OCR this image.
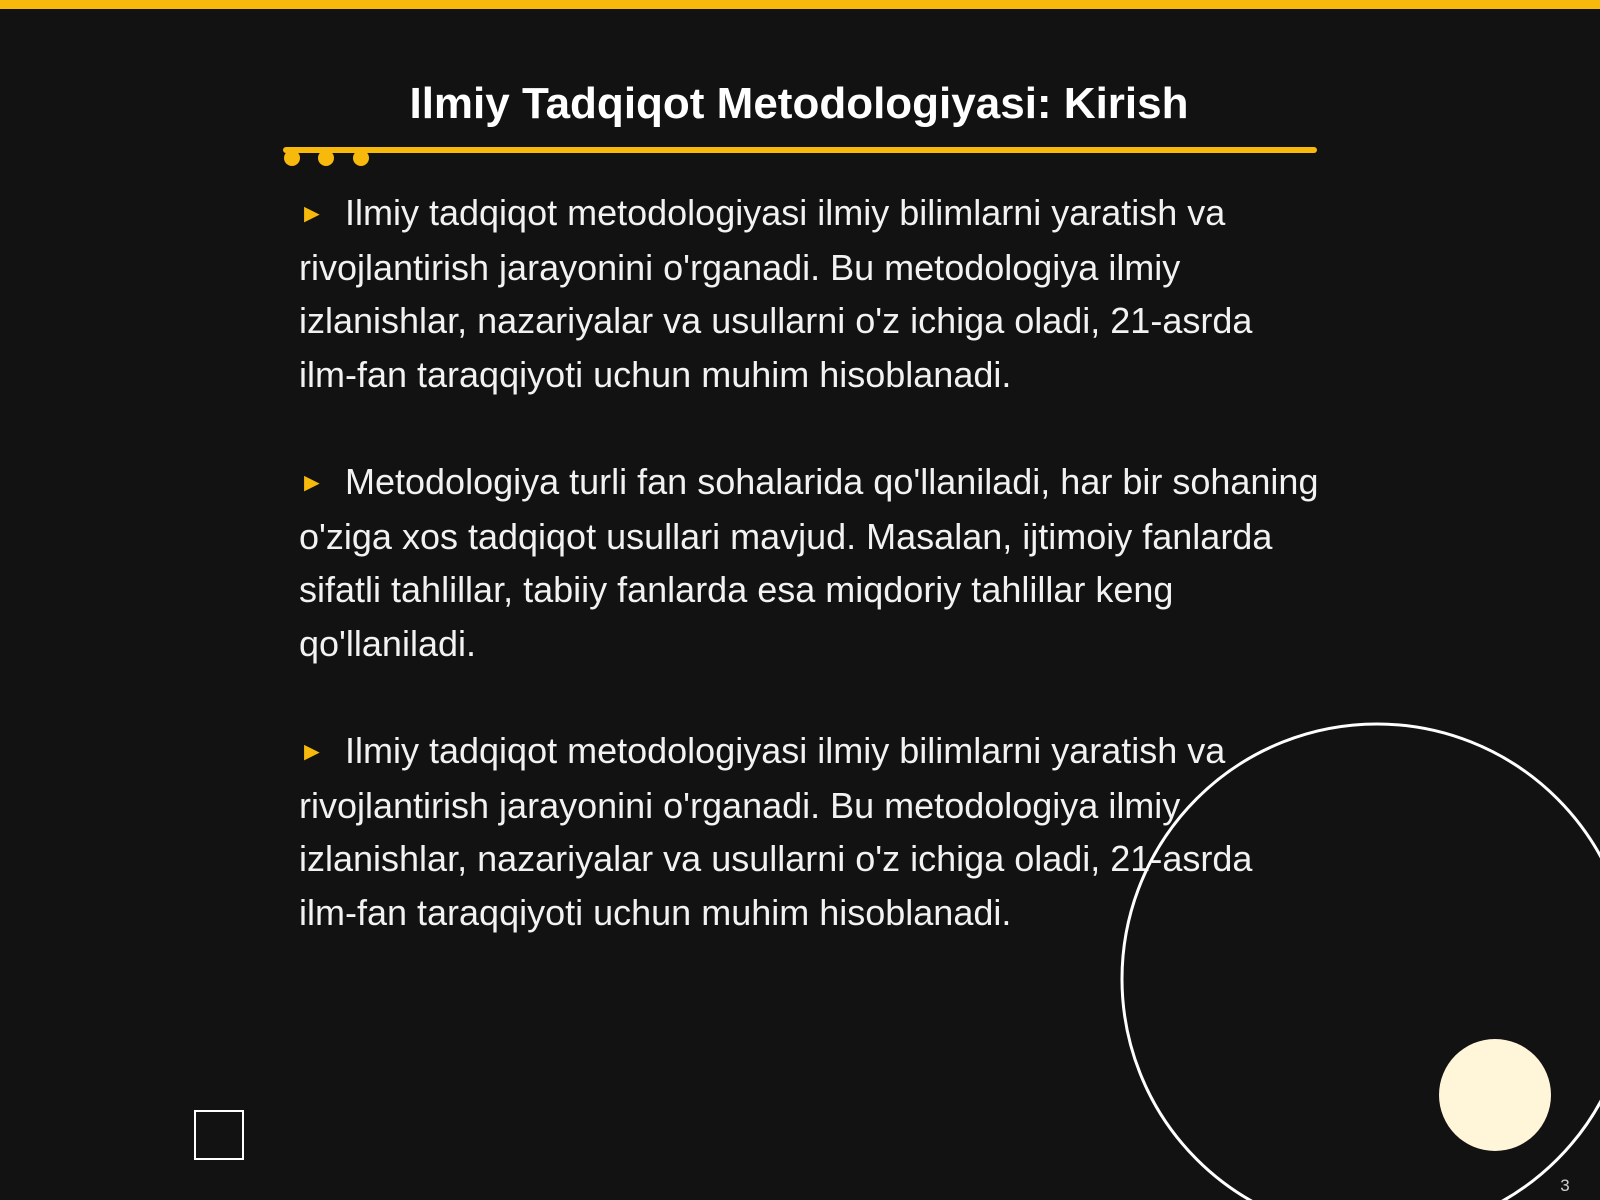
Ilmiy Tadqiqot Metodologiyasi: Kirish

► Ilmiy tadqiqot metodologiyasi ilmiy bilimlarni yaratish va rivojlantirish jarayonini o'rganadi. Bu metodologiya ilmiy izlanishlar, nazariyalar va usullarni o'z ichiga oladi, 21-asrda ilm-fan taraqqiyoti uchun muhim hisoblanadi.

► Metodologiya turli fan sohalarida qo'llaniladi, har bir sohaning o'ziga xos tadqiqot usullari mavjud. Masalan, ijtimoiy fanlarda sifatli tahlillar, tabiiy fanlarda esa miqdoriy tahlillar keng qo'llaniladi.

► Ilmiy tadqiqot metodologiyasi ilmiy bilimlarni yaratish va rivojlantirish jarayonini o'rganadi. Bu metodologiya ilmiy izlanishlar, nazariyalar va usullarni o'z ichiga oladi, 21-asrda ilm-fan taraqqiyoti uchun muhim hisoblanadi.

3
